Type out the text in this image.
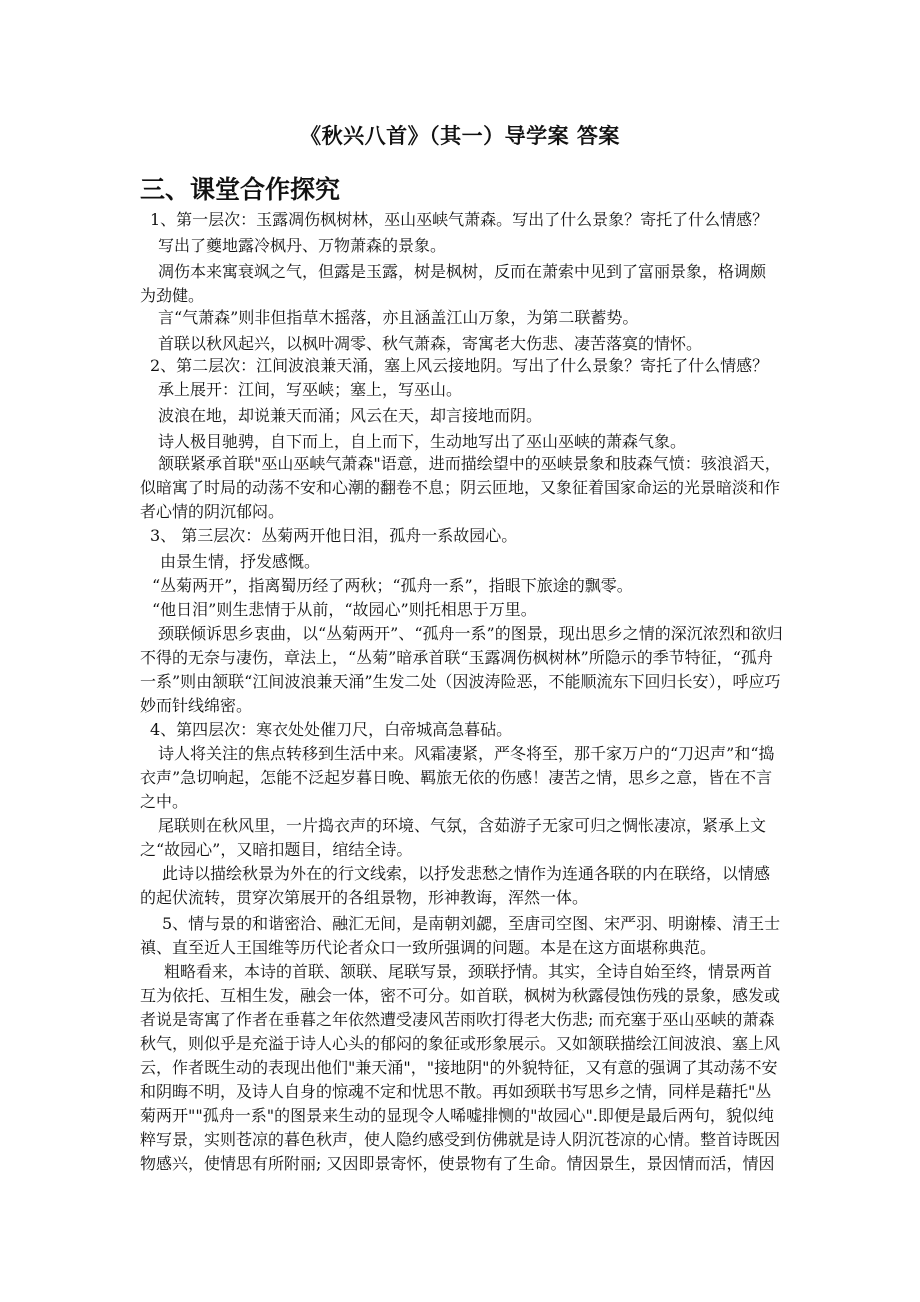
《秋兴八首》（其一）导学案 答案
三、课堂合作探究
1、第一层次：玉露凋伤枫树林，巫山巫峡气萧森。写出了什么景象？寄托了什么情感？
写出了夔地露冷枫丹、万物萧森的景象。
凋伤本来寓衰飒之气，但露是玉露，树是枫树，反而在萧索中见到了富丽景象，格调颇
为劲健。
言“气萧森”则非但指草木摇落，亦且涵盖江山万象，为第二联蓄势。
首联以秋风起兴，以枫叶凋零、秋气萧森，寄寓老大伤悲、凄苦落寞的情怀。
2、第二层次：江间波浪兼天涌，塞上风云接地阴。写出了什么景象？寄托了什么情感？
承上展开：江间，写巫峡；塞上，写巫山。
波浪在地，却说兼天而涌；风云在天，却言接地而阴。
诗人极目驰骋，自下而上，自上而下，生动地写出了巫山巫峡的萧森气象。
颔联紧承首联"巫山巫峡气萧森"语意，进而描绘望中的巫峡景象和肢森气愤：骇浪滔天，
似暗寓了时局的动荡不安和心潮的翻卷不息；阴云匝地，又象征着国家命运的光景暗淡和作
者心情的阴沉郁闷。
3、 第三层次：丛菊两开他日泪，孤舟一系故园心。
由景生情，抒发感慨。
“丛菊两开”，指离蜀历经了两秋；“孤舟一系”，指眼下旅途的飘零。
“他日泪”则生悲情于从前，“故园心”则托相思于万里。
颈联倾诉思乡衷曲，以“丛菊两开”、“孤舟一系”的图景，现出思乡之情的深沉浓烈和欲归
不得的无奈与凄伤，章法上，“丛菊”暗承首联“玉露凋伤枫树林”所隐示的季节特征，“孤舟
一系”则由颔联“江间波浪兼天涌”生发二处（因波涛险恶，不能顺流东下回归长安），呼应巧
妙而针线绵密。
4、第四层次：寒衣处处催刀尺，白帝城高急暮砧。
诗人将关注的焦点转移到生活中来。风霜凄紧，严冬将至，那千家万户的“刀迟声”和“捣
衣声”急切响起，怎能不泛起岁暮日晚、羁旅无依的伤感！凄苦之情，思乡之意，皆在不言
之中。
尾联则在秋风里，一片捣衣声的环境、气氛，含茹游子无家可归之惆怅凄凉，紧承上文
之“故园心”，又暗扣题目，绾结全诗。
此诗以描绘秋景为外在的行文线索，以抒发悲愁之情作为连通各联的内在联络，以情感
的起伏流转，贯穿次第展开的各组景物，形神教诲，浑然一体。
5、情与景的和谐密洽、融汇无间，是南朝刘勰，至唐司空图、宋严羽、明谢榛、清王士
禛、直至近人王国维等历代论者众口一致所强调的问题。本是在这方面堪称典范。
粗略看来，本诗的首联、颔联、尾联写景，颈联抒情。其实，全诗自始至终，情景两首
互为依托、互相生发，融会一体，密不可分。如首联，枫树为秋露侵蚀伤残的景象，感发或
者说是寄寓了作者在垂暮之年依然遭受凄风苦雨吹打得老大伤悲; 而充塞于巫山巫峡的萧森
秋气，则似乎是充溢于诗人心头的郁闷的象征或形象展示。又如颔联描绘江间波浪、塞上风
云，作者既生动的表现出他们"兼天涌"，"接地阴"的外貌特征，又有意的强调了其动荡不安
和阴晦不明，及诗人自身的惊魂不定和忧思不散。再如颈联书写思乡之情，同样是藉托"丛
菊两开""孤舟一系"的图景来生动的显现令人唏嘘排恻的"故园心".即便是最后两句，貌似纯
粹写景，实则苍凉的暮色秋声，使人隐约感受到仿佛就是诗人阴沉苍凉的心情。整首诗既因
物感兴，使情思有所附丽; 又因即景寄怀，使景物有了生命。情因景生，景因情而活，情因
